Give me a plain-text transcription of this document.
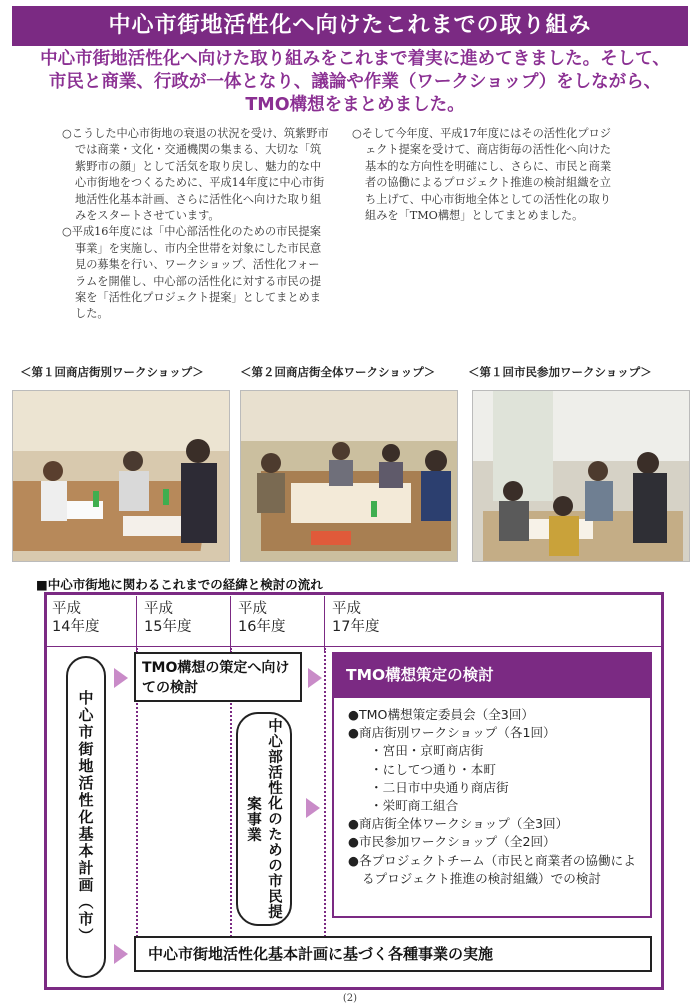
中心市街地活性化へ向けたこれまでの取り組み
中心市街地活性化へ向けた取り組みをこれまで着実に進めてきました。そして、市民と商業、行政が一体となり、議論や作業（ワークショップ）をしながら、TMO構想をまとめました。

○こうした中心市街地の衰退の状況を受け、筑紫野市では商業・文化・交通機関の集まる、大切な「筑紫野市の顔」として活気を取り戻し、魅力的な中心市街地をつくるために、平成14年度に中心市街地活性化基本計画、さらに活性化へ向けた取り組みをスタートさせています。

○平成16年度には「中心部活性化のための市民提案事業」を実施し、市内全世帯を対象にした市民意見の募集を行い、ワークショップ、活性化フォーラムを開催し、中心部の活性化に対する市民の提案を「活性化プロジェクト提案」としてまとめました。

○そして今年度、平成17年度にはその活性化プロジェクト提案を受けて、商店街毎の活性化へ向けた基本的な方向性を明確にし、さらに、市民と商業者の協働によるプロジェクト推進の検討組織を立ち上げて、中心市街地全体としての活性化の取り組みを「TMO構想」としてまとめました。

＜第１回商店街別ワークショップ＞	＜第２回商店街全体ワークショップ＞	＜第１回市民参加ワークショップ＞
■中心市街地に関わるこれまでの経緯と検討の流れ
平成
14年度
平成
15年度
平成
16年度
平成
17年度
中心市街地活性化基本計画（市）
TMO構想の策定へ向けての検討
中心部活性化のための市民提案事業
TMO構想策定の検討
●TMO構想策定委員会（全3回）
●商店街別ワークショップ（各1回）
・宮田・京町商店街
・にしてつ通り・本町
・二日市中央通り商店街
・栄町商工組合
●商店街全体ワークショップ（全3回）
●市民参加ワークショップ（全2回）
●各プロジェクトチーム（市民と商業者の協働によるプロジェクト推進の検討組織）での検討
中心市街地活性化基本計画に基づく各種事業の実施
(2)
